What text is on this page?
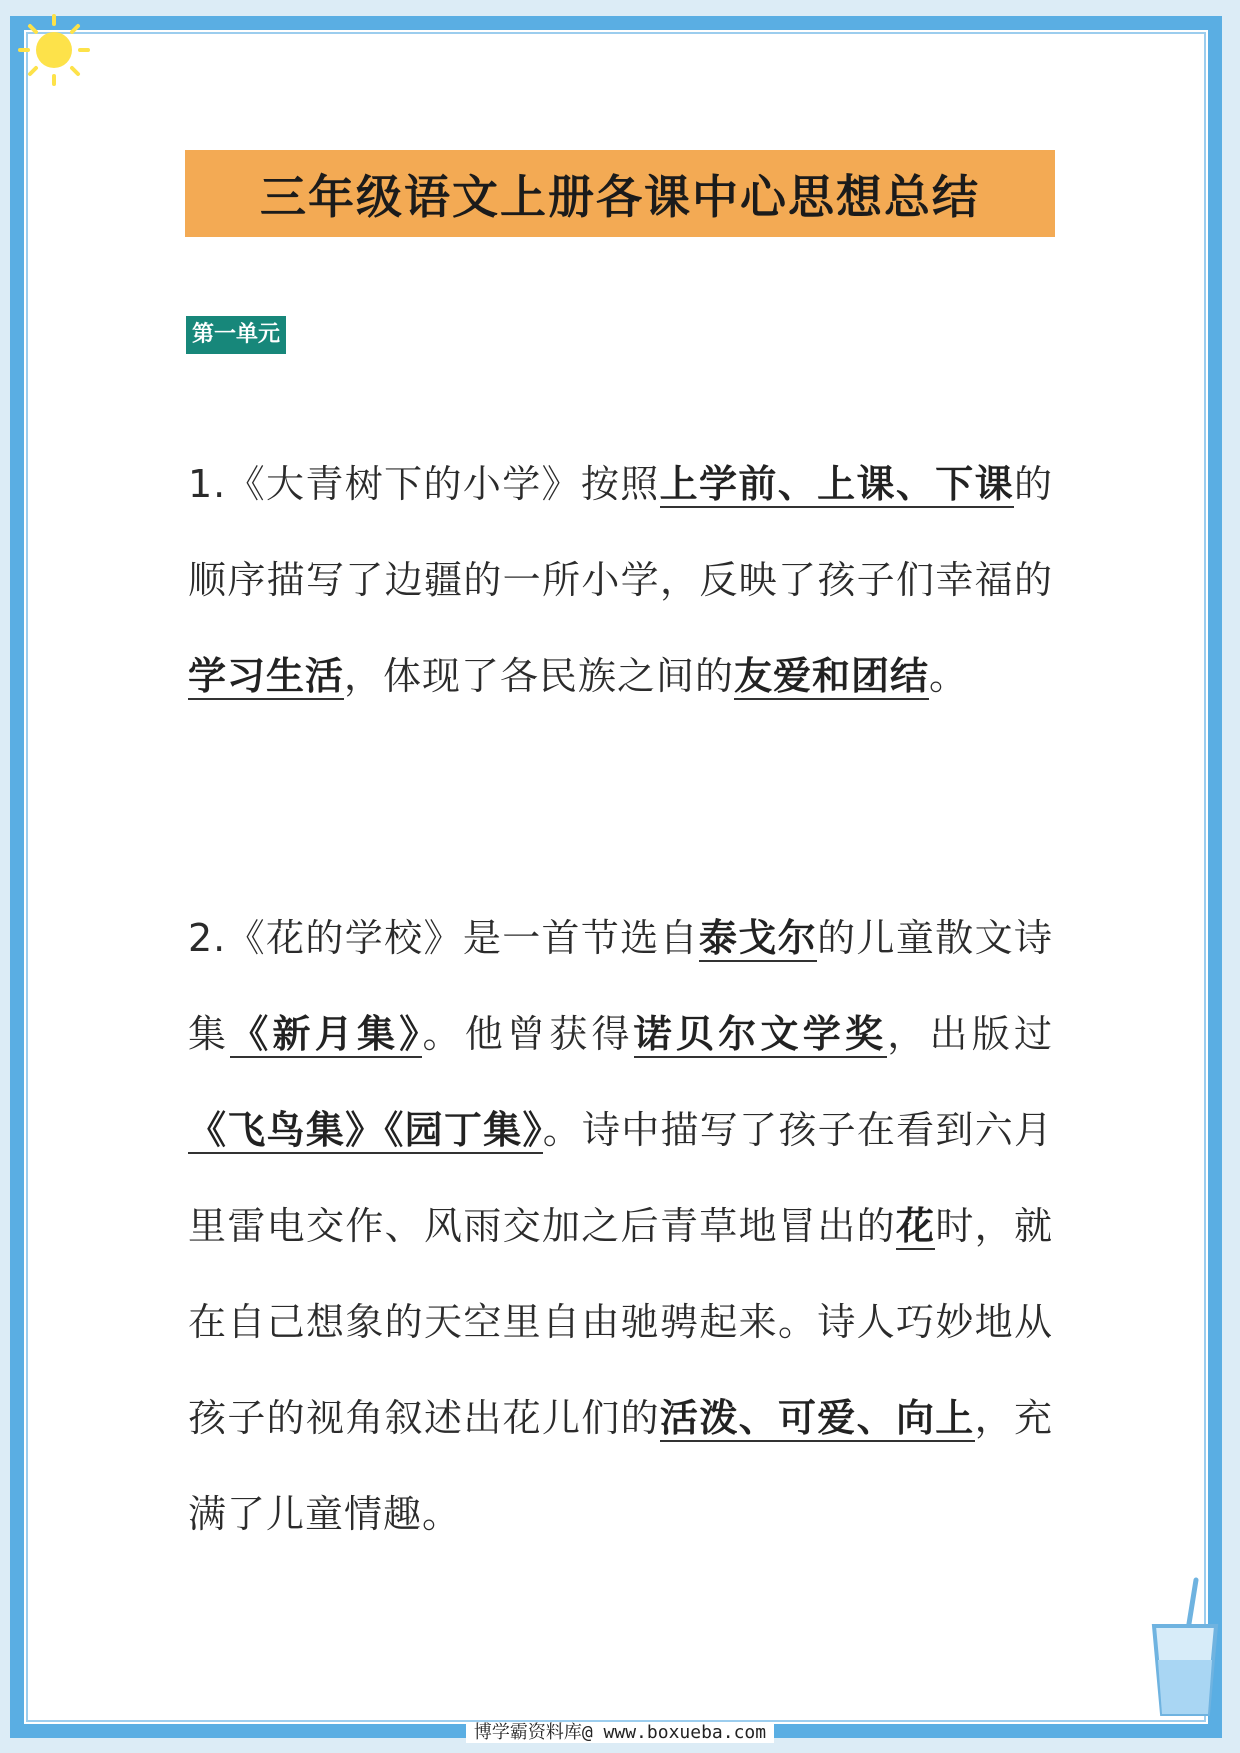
三年级语文上册各课中心思想总结
第一单元
1.《大青树下的小学》按照上学前、上课、下课的顺序描写了边疆的一所小学，反映了孩子们幸福的学习生活，体现了各民族之间的友爱和团结。
2.《花的学校》是一首节选自泰戈尔的儿童散文诗集《新月集》。他曾获得诺贝尔文学奖，出版过《飞鸟集》《园丁集》。诗中描写了孩子在看到六月里雷电交作、风雨交加之后青草地冒出的花时，就在自己想象的天空里自由驰骋起来。诗人巧妙地从孩子的视角叙述出花儿们的活泼、可爱、向上，充满了儿童情趣。
博学霸资料库@ www.boxueba.com
